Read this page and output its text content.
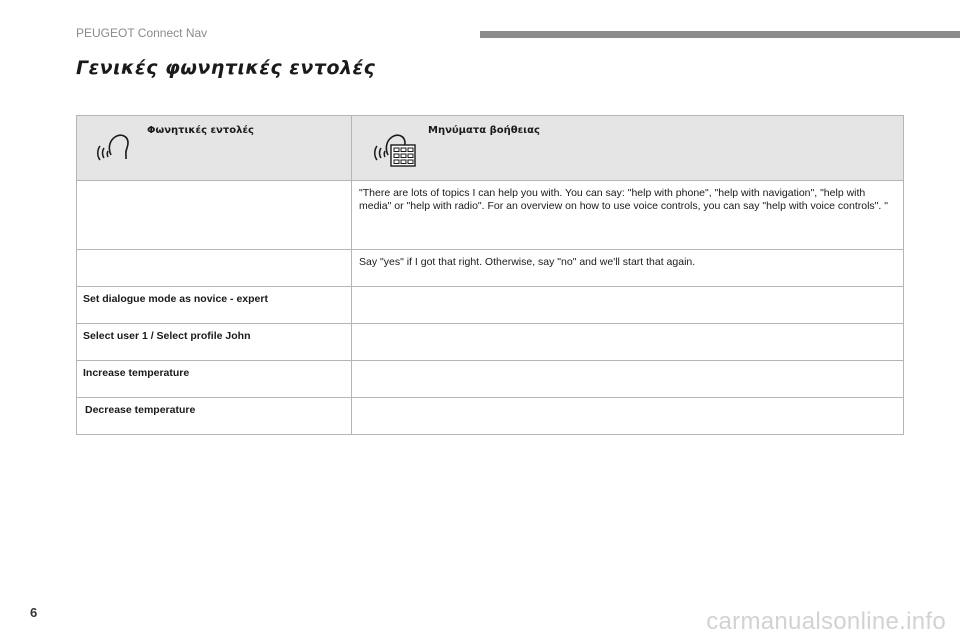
PEUGEOT Connect Nav
Γενικές φωνητικές εντολές
Φωνητικές εντολές	Μηνύματα βοήθειας

	"There are lots of topics I can help you with. You can say: "help with phone", "help with navigation", "help with media" or "help with radio". For an overview on how to use voice controls, you can say "help with voice controls". "

	Say "yes" if I got that right. Otherwise, say "no" and we'll start that again.

Set dialogue mode as novice - expert	

Select user 1 / Select profile John	

Increase temperature	

Decrease temperature	

6	carmanualsonline.info
